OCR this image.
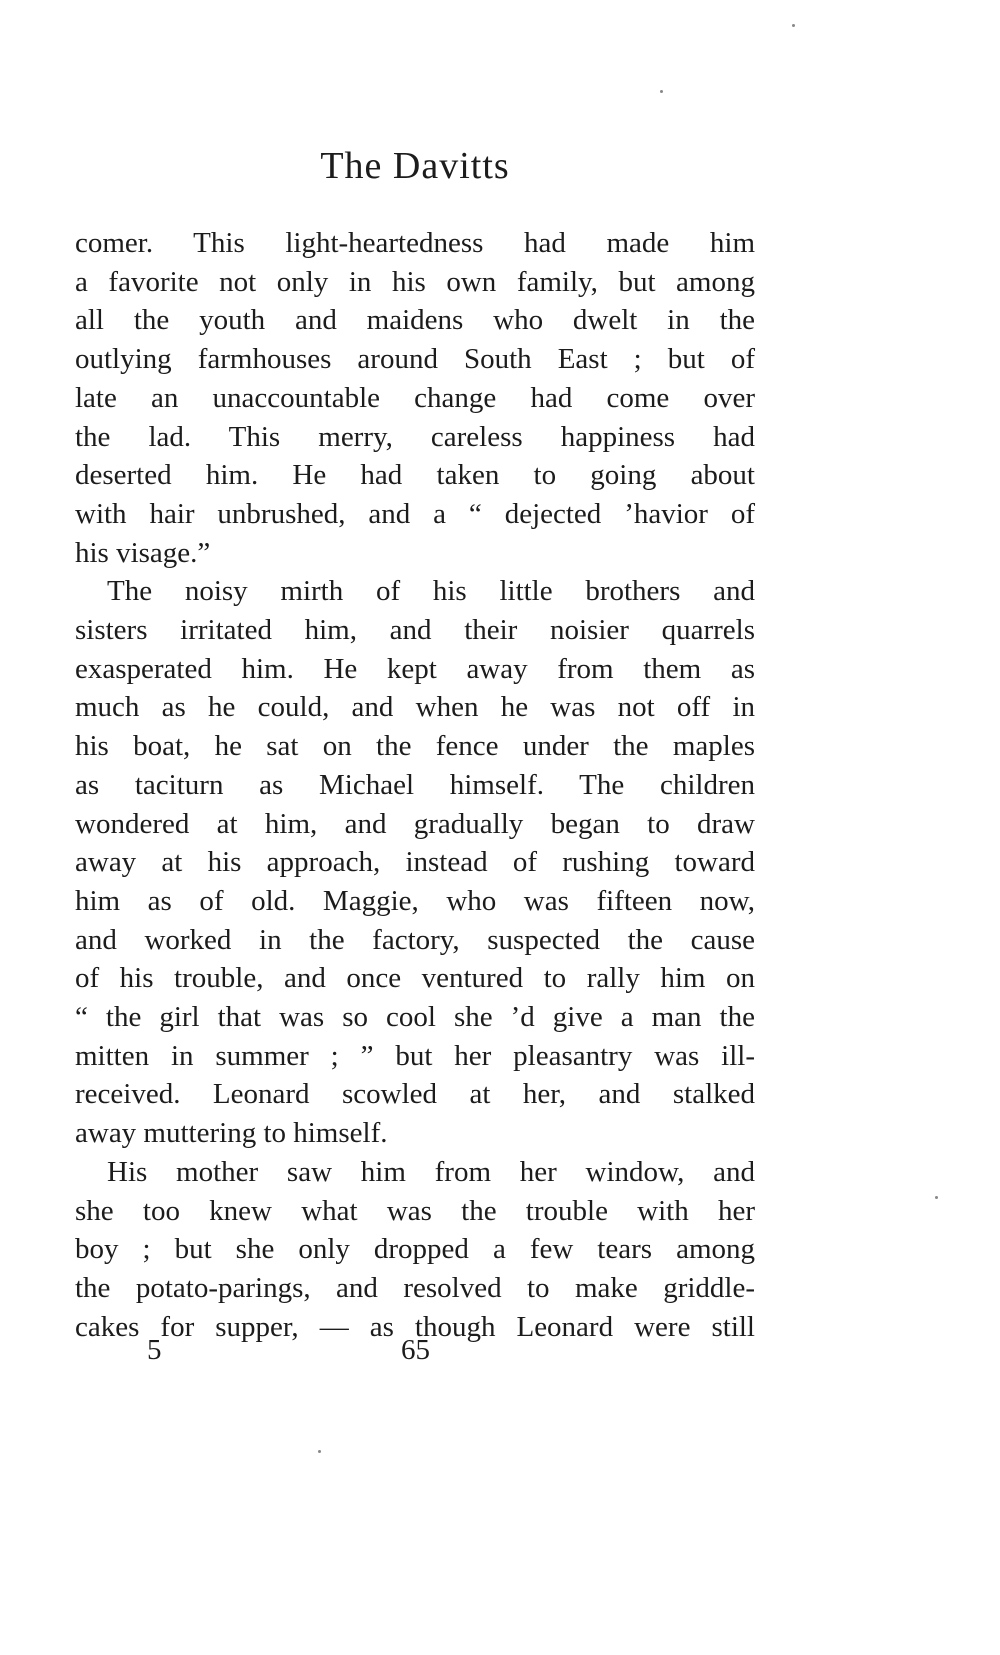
The Davitts
comer. This light-heartedness had made him
a favorite not only in his own family, but among
all the youth and maidens who dwelt in the
outlying farmhouses around South East ; but of
late an unaccountable change had come over
the lad. This merry, careless happiness had
deserted him. He had taken to going about
with hair unbrushed, and a “ dejected ’havior of
his visage.”
The noisy mirth of his little brothers and
sisters irritated him, and their noisier quarrels
exasperated him. He kept away from them as
much as he could, and when he was not off in
his boat, he sat on the fence under the maples
as taciturn as Michael himself. The children
wondered at him, and gradually began to draw
away at his approach, instead of rushing toward
him as of old. Maggie, who was fifteen now,
and worked in the factory, suspected the cause
of his trouble, and once ventured to rally him on
“ the girl that was so cool she ’d give a man the
mitten in summer ; ” but her pleasantry was ill-
received. Leonard scowled at her, and stalked
away muttering to himself.
His mother saw him from her window, and
she too knew what was the trouble with her
boy ; but she only dropped a few tears among
the potato-parings, and resolved to make griddle-
cakes for supper, — as though Leonard were still
5	65
